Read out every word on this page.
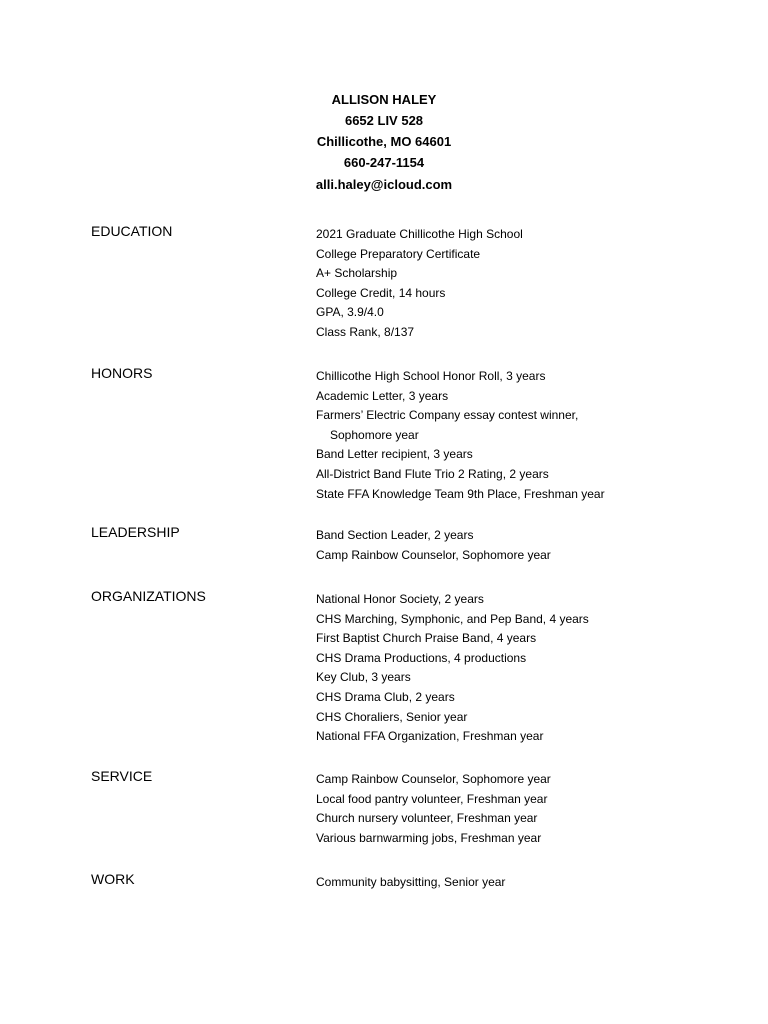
ALLISON HALEY
6652 LIV 528
Chillicothe, MO 64601
660-247-1154
alli.haley@icloud.com
EDUCATION	2021 Graduate Chillicothe High School
College Preparatory Certificate
A+ Scholarship
College Credit, 14 hours
GPA, 3.9/4.0
Class Rank, 8/137
HONORS	Chillicothe High School Honor Roll, 3 years
Academic Letter, 3 years
Farmers’ Electric Company essay contest winner,
Sophomore year
Band Letter recipient, 3 years
All-District Band Flute Trio 2 Rating, 2 years
State FFA Knowledge Team 9th Place, Freshman year
LEADERSHIP	Band Section Leader, 2 years
Camp Rainbow Counselor, Sophomore year
ORGANIZATIONS	National Honor Society, 2 years
CHS Marching, Symphonic, and Pep Band, 4 years
First Baptist Church Praise Band, 4 years
CHS Drama Productions, 4 productions
Key Club, 3 years
CHS Drama Club, 2 years
CHS Choraliers, Senior year
National FFA Organization, Freshman year
SERVICE	Camp Rainbow Counselor, Sophomore year
Local food pantry volunteer, Freshman year
Church nursery volunteer, Freshman year
Various barnwarming jobs, Freshman year
WORK	Community babysitting, Senior year
